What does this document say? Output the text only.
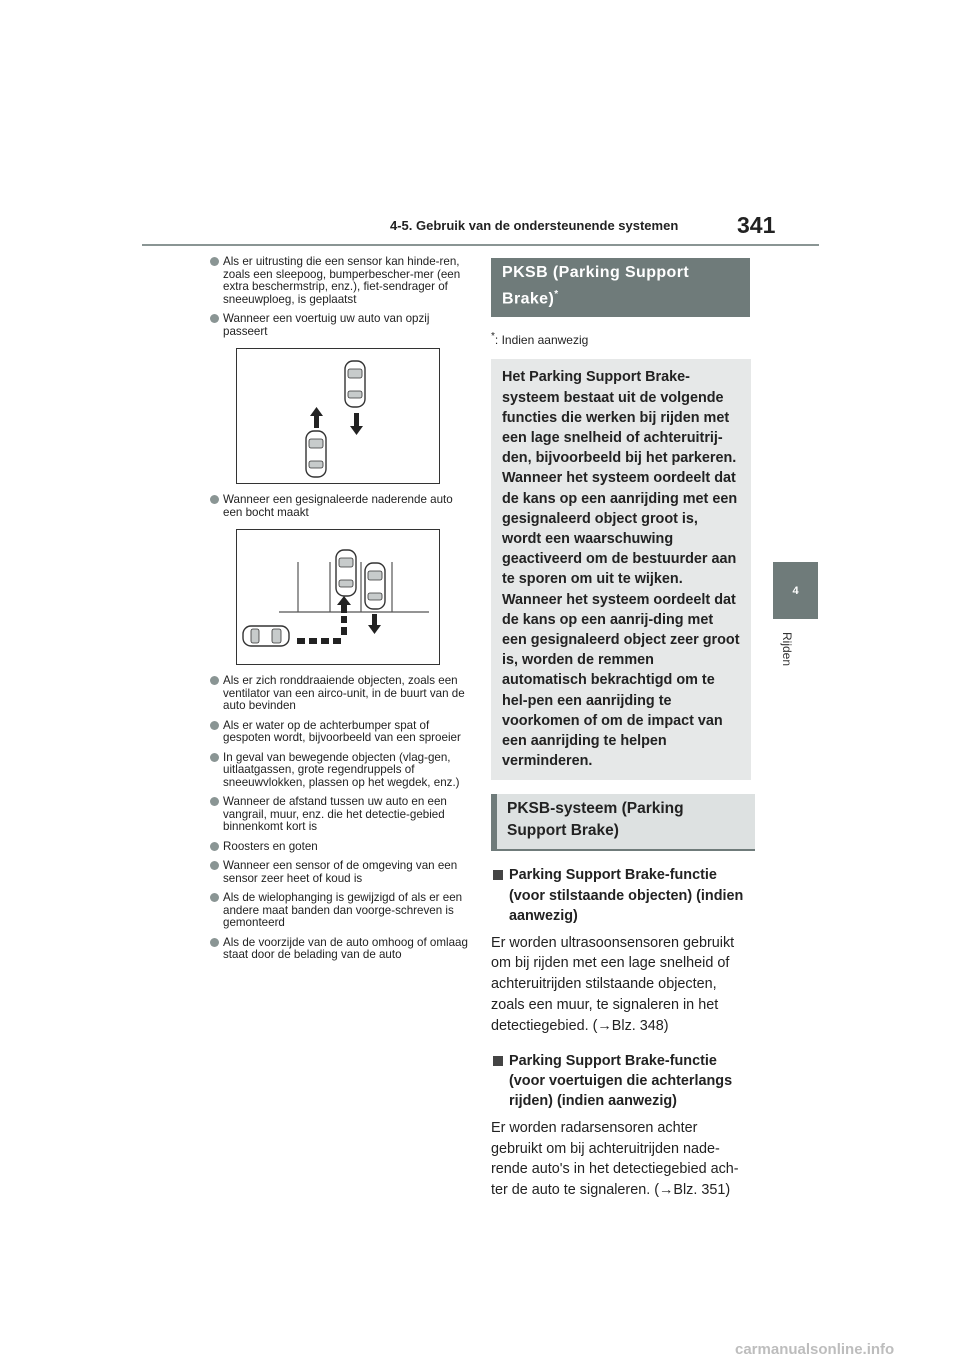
4-5. Gebruik van de ondersteunende systemen	341
4
Rijden
Als er uitrusting die een sensor kan hinde-ren, zoals een sleepoog, bumperbescher-mer (een extra beschermstrip, enz.), fiet-sendrager of sneeuwploeg, is geplaatst
Wanneer een voertuig uw auto van opzij passeert
Wanneer een gesignaleerde naderende auto een bocht maakt
Als er zich ronddraaiende objecten, zoals een ventilator van een airco-unit, in de buurt van de auto bevinden
Als er water op de achterbumper spat of gespoten wordt, bijvoorbeeld van een sproeier
In geval van bewegende objecten (vlag-gen, uitlaatgassen, grote regendruppels of sneeuwvlokken, plassen op het wegdek, enz.)
Wanneer de afstand tussen uw auto en een vangrail, muur, enz. die het detectie-gebied binnenkomt kort is
Roosters en goten
Wanneer een sensor of de omgeving van een sensor zeer heet of koud is
Als de wielophanging is gewijzigd of als er een andere maat banden dan voorge-schreven is gemonteerd
Als de voorzijde van de auto omhoog of omlaag staat door de belading van de auto
PKSB (Parking Support Brake)*
*: Indien aanwezig
Het Parking Support Brake-systeem bestaat uit de volgende functies die werken bij rijden met een lage snelheid of achteruitrij-den, bijvoorbeeld bij het parkeren. Wanneer het systeem oordeelt dat de kans op een aanrijding met een gesignaleerd object groot is, wordt een waarschuwing geactiveerd om de bestuurder aan te sporen om uit te wijken. Wanneer het systeem oordeelt dat de kans op een aanrij-ding met een gesignaleerd object zeer groot is, worden de remmen automatisch bekrachtigd om te hel-pen een aanrijding te voorkomen of om de impact van een aanrijding te helpen verminderen.
PKSB-systeem (Parking Support Brake)
Parking Support Brake-functie (voor stilstaande objecten) (indien aanwezig)
Er worden ultrasoonsensoren gebruikt om bij rijden met een lage snelheid of achteruitrijden stilstaande objecten, zoals een muur, te signaleren in het detectiegebied. (→Blz. 348)
Parking Support Brake-functie (voor voertuigen die achterlangs rijden) (indien aanwezig)
Er worden radarsensoren achter gebruikt om bij achteruitrijden nade-rende auto's in het detectiegebied ach-ter de auto te signaleren. (→Blz. 351)
carmanualsonline.info
